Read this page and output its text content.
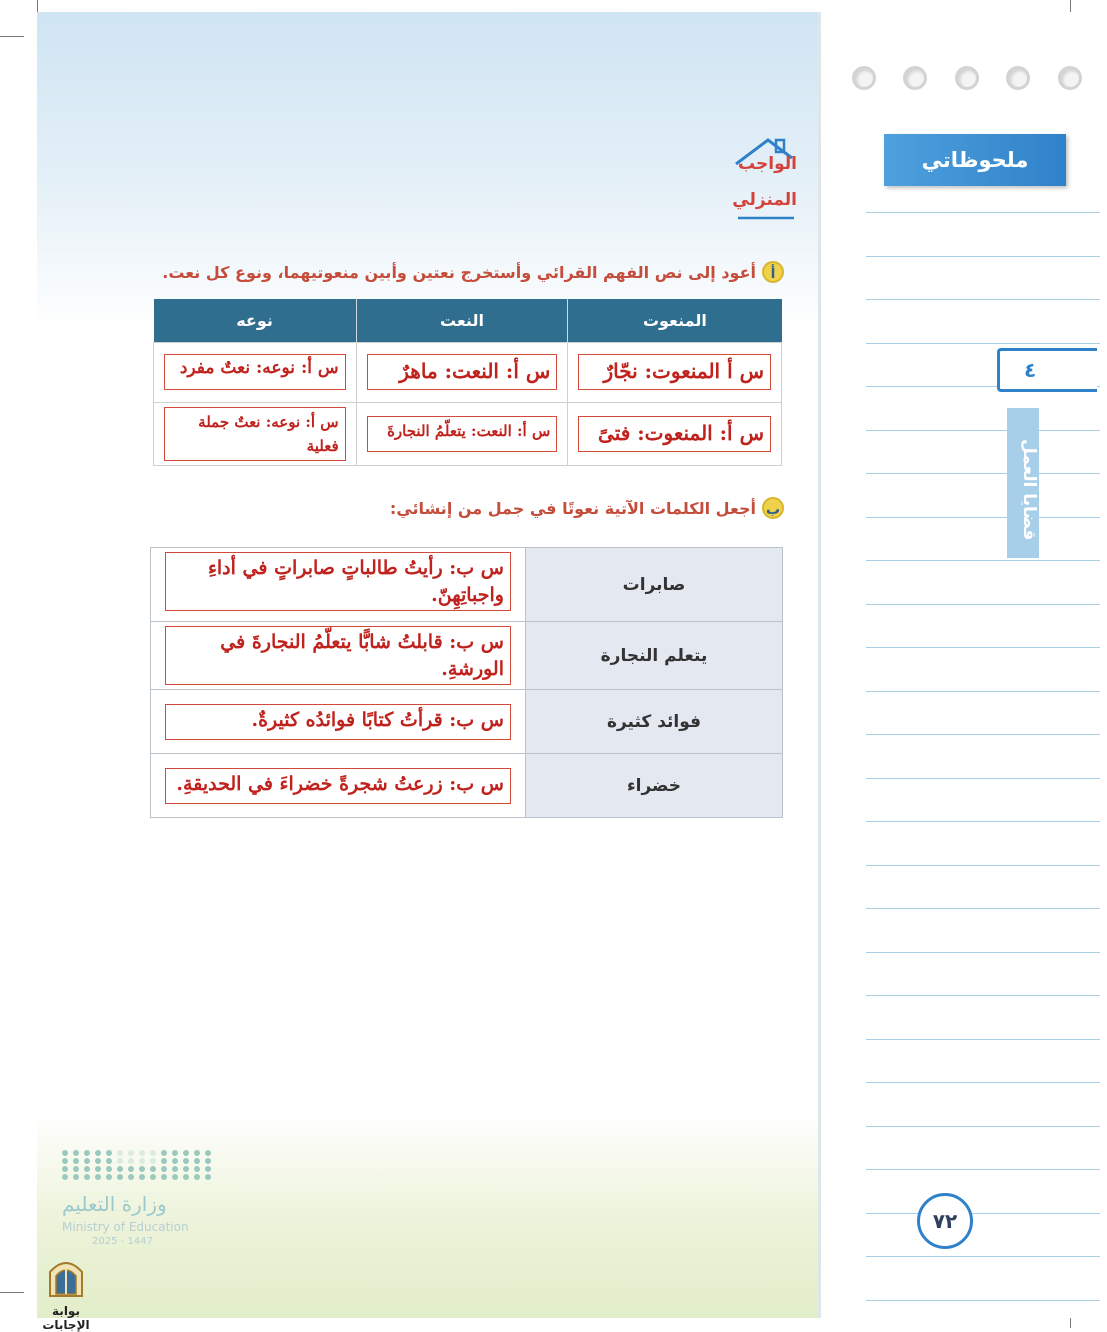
ملحوظاتي
٤
قضايا العمل
٧٢
الواجب
المنزلي
أأعود إلى نص الفهم القرائي وأستخرج نعتين وأبين منعوتيهما، ونوع كل نعت.
نوعه	النعت	المنعوت

س أ: نوعه: نعتٌ مفرد	س أ: النعت: ماهرٌ	س أ المنعوت: نجّارٌ

س أ: نوعه: نعتٌ جملة فعلية	س أ: النعت: يتعلّمُ النجارةَ	س أ: المنعوت: فتىً
بأجعل الكلمات الآتية نعوتًا في جمل من إنشائي:
س ب: رأيتُ طالباتٍ صابراتٍ في أداءِ واجباتِهِنّ.	صابرات

س ب: قابلتُ شابًّا يتعلّمُ النجارةَ في الورشةِ.	يتعلم النجارة

س ب: قرأتُ كتابًا فوائدُه كثيرةٌ.	فوائد كثيرة

س ب: زرعتُ شجرةً خضراءَ في الحديقةِ.	خضراء
وزارة التعليم
Ministry of Education
2025 - 1447
بوابة الإجابات
